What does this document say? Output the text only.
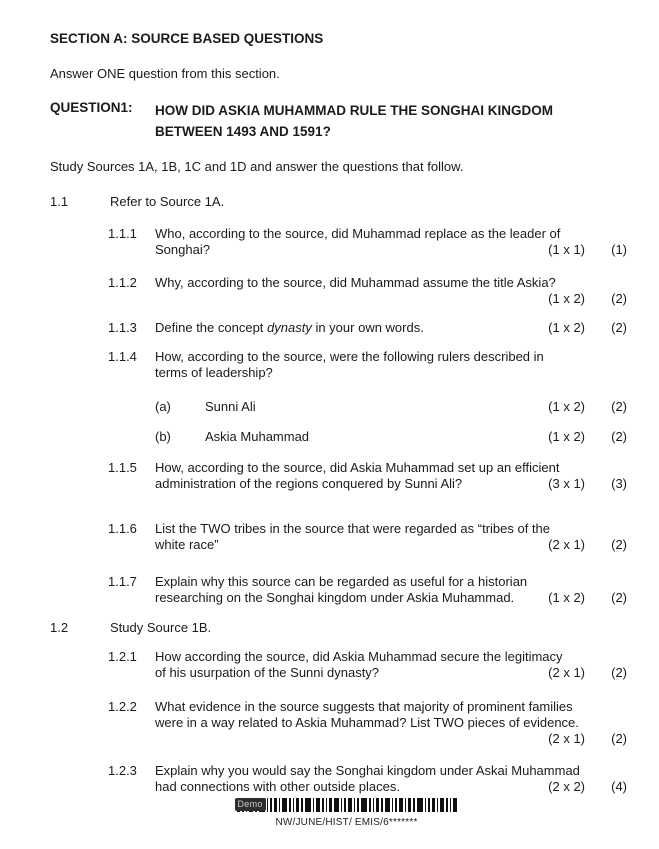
SECTION A: SOURCE BASED QUESTIONS

Answer ONE question from this section.

QUESTION1:	HOW DID ASKIA MUHAMMAD RULE THE SONGHAI KINGDOM
BETWEEN 1493 AND 1591?

Study Sources 1A, 1B, 1C and 1D and answer the questions that follow.

1.1	Refer to Source 1A.
1.1.1	Who, according to the source, did Muhammad replace as the leader of
Songhai?	(1 x 1)	(1)
1.1.2	Why, according to the source, did Muhammad assume the title Askia?
(1 x 2)	(2)
1.1.3	Define the concept dynasty in your own words.	(1 x 2)	(2)
1.1.4	How, according to the source, were the following rulers described in
terms of leadership?
(a)	Sunni Ali	(1 x 2)	(2)
(b)	Askia Muhammad	(1 x 2)	(2)
1.1.5	How, according to the source, did Askia Muhammad set up an efficient
administration of the regions conquered by Sunni Ali?	(3 x 1)	(3)
1.1.6	List the TWO tribes in the source that were regarded as “tribes of the
white race”	(2 x 1)	(2)
1.1.7	Explain why this source can be regarded as useful for a historian
researching on the Songhai kingdom under Askia Muhammad.	(1 x 2)	(2)
1.2	Study Source 1B.
1.2.1	How according the source, did Askia Muhammad secure the legitimacy
of his usurpation of the Sunni dynasty?	(2 x 1)	(2)
1.2.2	What evidence in the source suggests that majority of prominent families
were in a way related to Askia Muhammad? List TWO pieces of evidence.
(2 x 1)	(2)
1.2.3	Explain why you would say the Songhai kingdom under Askai Muhammad
had connections with other outside places.	(2 x 2)	(4)
Demo
NW/JUNE/HIST/ EMIS/6*******
